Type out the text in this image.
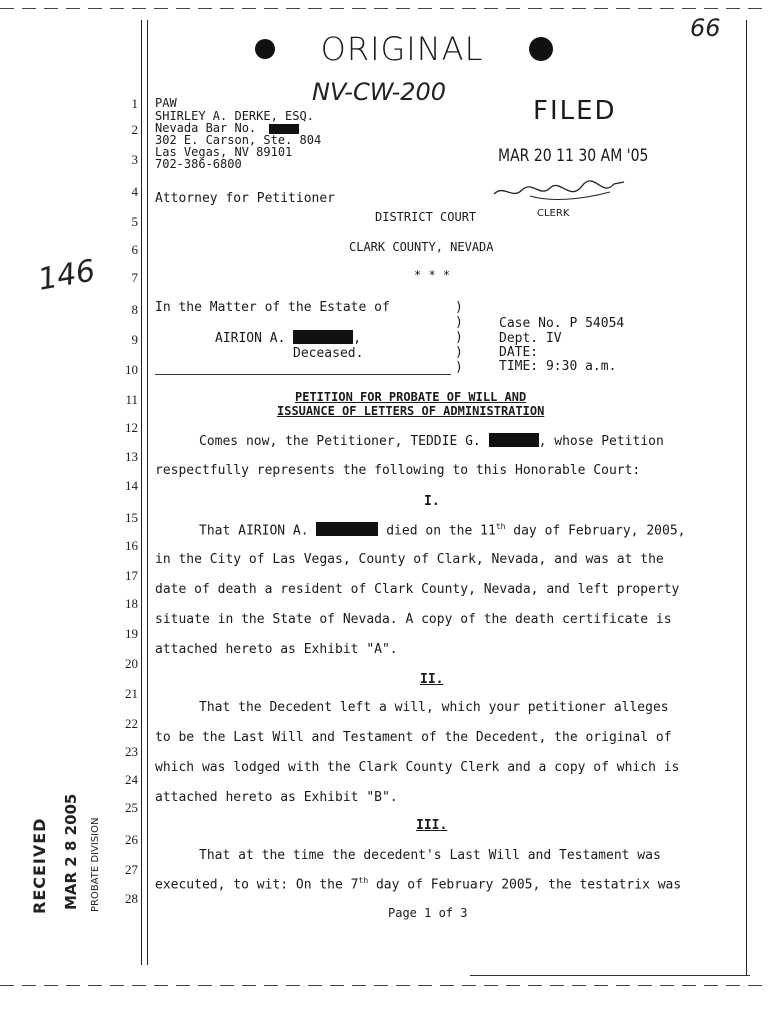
ORIGINAL
NV-CW-200
66
146
FILED
MAR 20 11 30 AM '05
CLERK
RECEIVED MAR 2 8 2005 PROBATE DIVISION
1
2
3
4
5
6
7
8
9
10
11
12
13
14
15
16
17
18
19
20
21
22
23
24
25
26
27
28
PAW
SHIRLEY A. DERKE, ESQ.
Nevada Bar No.
302 E. Carson, Ste. 804
Las Vegas, NV 89101
702-386-6800
Attorney for Petitioner
DISTRICT COURT
CLARK COUNTY, NEVADA
* * *
In the Matter of the Estate of
AIRION A.	,
Deceased.
)
)
)
)
)
Case No. P 54054
Dept. IV
DATE:
TIME: 9:30 a.m.
PETITION FOR PROBATE OF WILL AND
ISSUANCE OF LETTERS OF ADMINISTRATION
Comes now, the Petitioner, TEDDIE G.	, whose Petition
respectfully represents the following to this Honorable Court:
I.
That AIRION A.	died on the 11th day of February, 2005,
in the City of Las Vegas, County of Clark, Nevada, and was at the
date of death a resident of Clark County, Nevada, and left property
situate in the State of Nevada. A copy of the death certificate is
attached hereto as Exhibit "A".
II.
That the Decedent left a will, which your petitioner alleges
to be the Last Will and Testament of the Decedent, the original of
which was lodged with the Clark County Clerk and a copy of which is
attached hereto as Exhibit "B".
III.
That at the time the decedent's Last Will and Testament was
executed, to wit: On the 7th day of February 2005, the testatrix was
Page 1 of 3
